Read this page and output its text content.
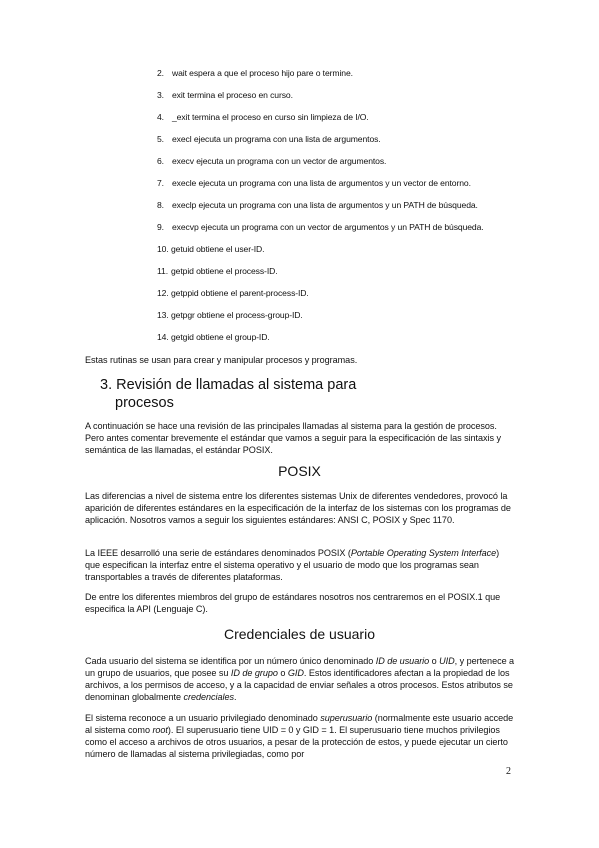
2. wait espera a que el proceso hijo pare o termine.
3. exit termina el proceso en curso.
4. _exit termina el proceso en curso sin limpieza de I/O.
5. execl ejecuta un programa con una lista de argumentos.
6. execv ejecuta un programa con un vector de argumentos.
7. execle ejecuta un programa con una lista de argumentos y un vector de entorno.
8. execlp ejecuta un programa con una lista de argumentos y un PATH de búsqueda.
9. execvp ejecuta un programa con un vector de argumentos y un PATH de búsqueda.
10. getuid obtiene el user-ID.
11. getpid obtiene el process-ID.
12. getppid obtiene el parent-process-ID.
13. getpgr obtiene el process-group-ID.
14. getgid obtiene el group-ID.

Estas rutinas se usan para crear y manipular procesos y programas.

3. Revisión de llamadas al sistema para
procesos

A continuación se hace una revisión de las principales llamadas al sistema para la gestión de procesos. Pero antes comentar brevemente el estándar que vamos a seguir para la especificación de las sintaxis y semántica de las llamadas, el estándar POSIX.

POSIX

Las diferencias a nivel de sistema entre los diferentes sistemas Unix de diferentes vendedores, provocó la aparición de diferentes estándares en la especificación de la interfaz de los sistemas con los programas de aplicación. Nosotros vamos a seguir los siguientes estándares: ANSI C, POSIX y Spec 1170.

La IEEE desarrolló una serie de estándares denominados POSIX (Portable Operating System Interface) que especifican la interfaz entre el sistema operativo y el usuario de modo que los programas sean transportables a través de diferentes plataformas.

De entre los diferentes miembros del grupo de estándares nosotros nos centraremos en el POSIX.1 que especifica la API (Lenguaje C).

Credenciales de usuario

Cada usuario del sistema se identifica por un número único denominado ID de usuario o UID, y pertenece a un grupo de usuarios, que posee su ID de grupo o GID. Estos identificadores afectan a la propiedad de los archivos, a los permisos de acceso, y a la capacidad de enviar señales a otros procesos. Estos atributos se denominan globalmente credenciales.

El sistema reconoce a un usuario privilegiado denominado superusuario (normalmente este usuario accede al sistema como root). El superusuario tiene UID = 0 y GID = 1. El superusuario tiene muchos privilegios como el acceso a archivos de otros usuarios, a pesar de la protección de estos, y puede ejecutar un cierto número de llamadas al sistema privilegiadas, como por

2
